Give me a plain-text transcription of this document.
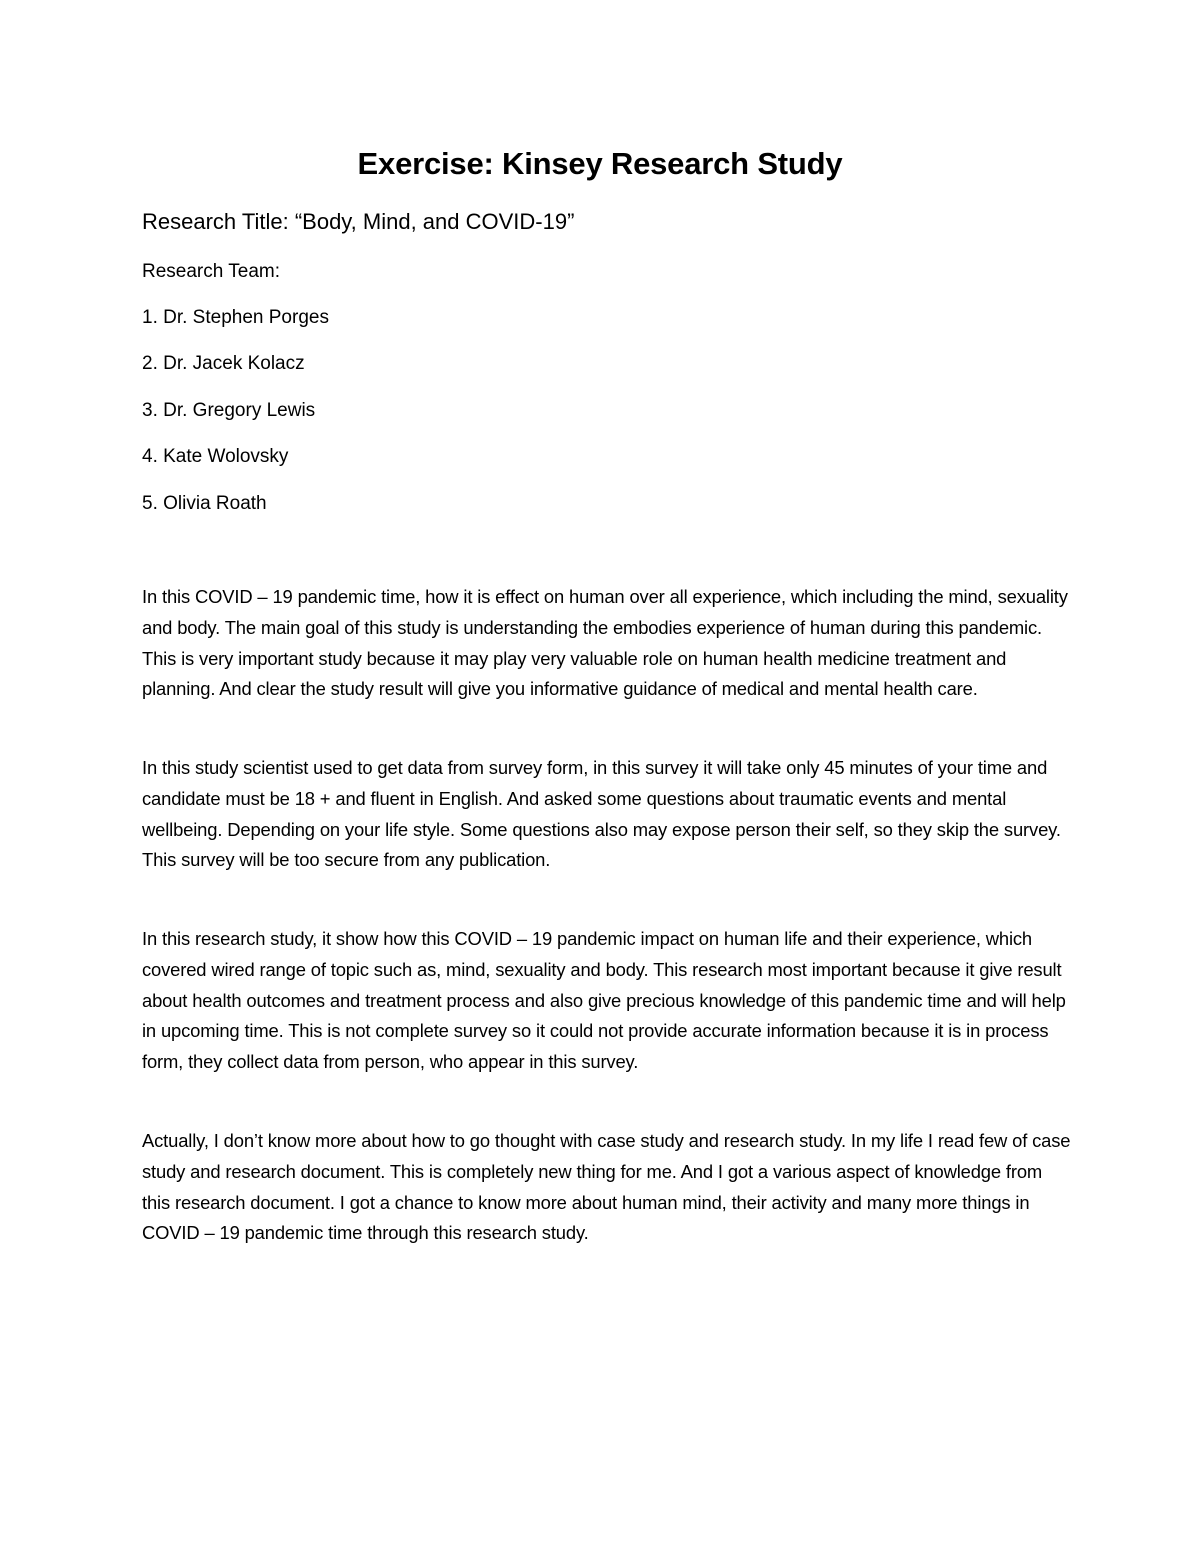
Exercise: Kinsey Research Study
Research Title: “Body, Mind, and COVID-19”
Research Team:
1. Dr. Stephen Porges
2. Dr. Jacek Kolacz
3. Dr. Gregory Lewis
4. Kate Wolovsky
5. Olivia Roath

In this COVID – 19 pandemic time, how it is effect on human over all experience, which including the mind, sexuality and body. The main goal of this study is understanding the embodies experience of human during this pandemic. This is very important study because it may play very valuable role on human health medicine treatment and planning. And clear the study result will give you informative guidance of medical and mental health care.

In this study scientist used to get data from survey form, in this survey it will take only 45 minutes of your time and candidate must be 18 + and fluent in English. And asked some questions about traumatic events and mental wellbeing. Depending on your life style. Some questions also may expose person their self, so they skip the survey. This survey will be too secure from any publication.

In this research study, it show how this COVID – 19 pandemic impact on human life and their experience, which covered wired range of topic such as, mind, sexuality and body. This research most important because it give result about health outcomes and treatment process and also give precious knowledge of this pandemic time and will help in upcoming time. This is not complete survey so it could not provide accurate information because it is in process form, they collect data from person, who appear in this survey.

Actually, I don’t know more about how to go thought with case study and research study. In my life I read few of case study and research document. This is completely new thing for me. And I got a various aspect of knowledge from this research document. I got a chance to know more about human mind, their activity and many more things in COVID – 19 pandemic time through this research study.
